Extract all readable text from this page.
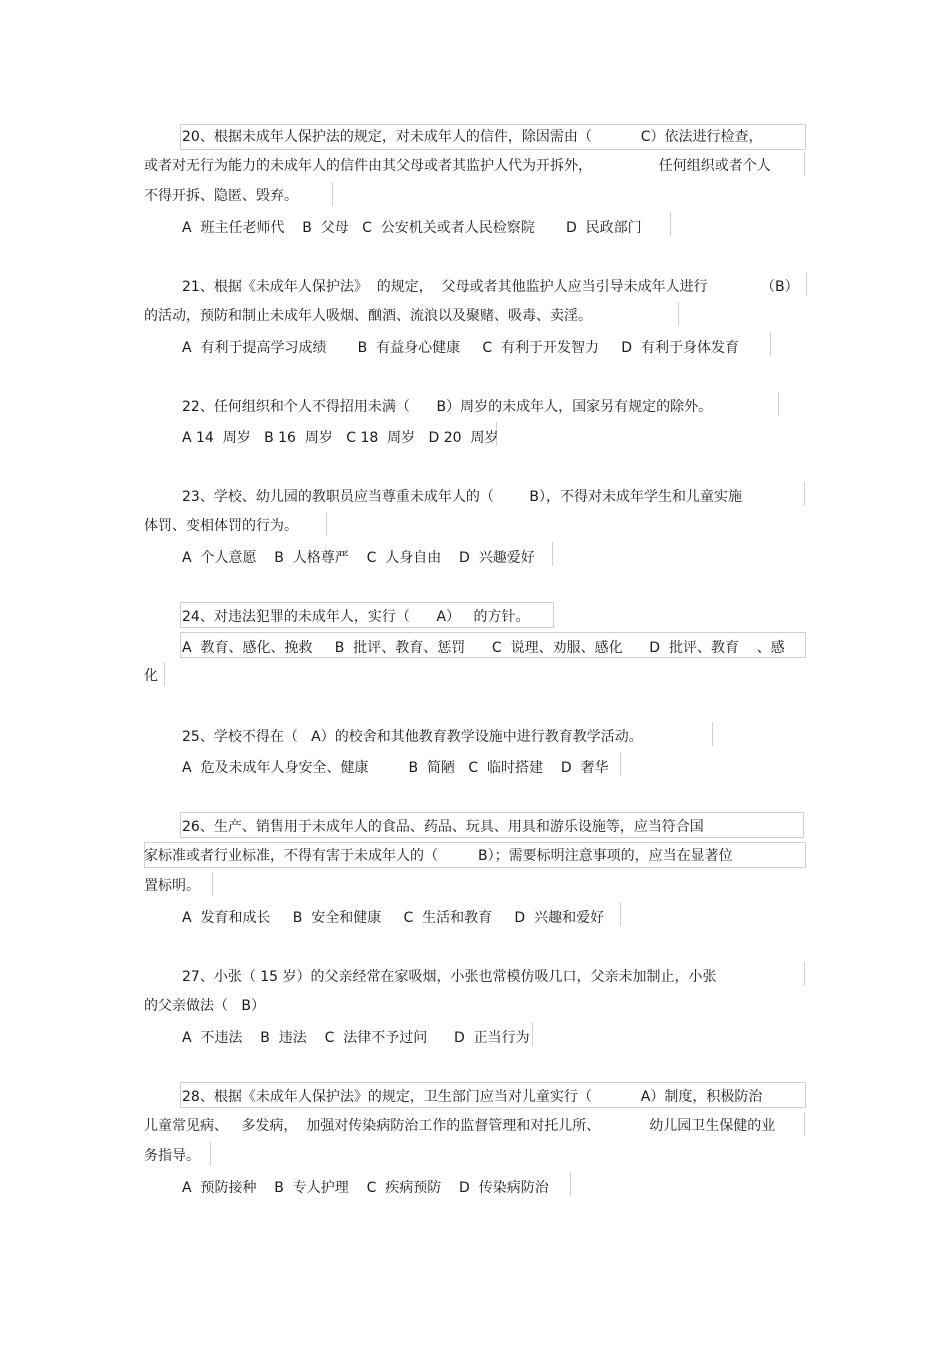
20、根据未成年人保护法的规定，对未成年人的信件，除因需由（           C）依法进行检查，
或者对无行为能力的未成年人的信件由其父母或者其监护人代为开拆外，               任何组织或者个人
不得开拆、隐匿、毁弃。
A  班主任老师代    B  父母   C  公安机关或者人民检察院       D  民政部门
21、根据《未成年人保护法》  的规定，  父母或者其他监护人应当引导未成年人进行            （B）
的活动，预防和制止未成年人吸烟、酗酒、流浪以及聚赌、吸毒、卖淫。
A  有利于提高学习成绩       B  有益身心健康     C  有利于开发智力     D  有利于身体发育
22、任何组织和个人不得招用未满（      B）周岁的未成年人，国家另有规定的除外。
A 14  周岁   B 16  周岁   C 18  周岁   D 20  周岁
23、学校、幼儿园的教职员应当尊重未成年人的（        B），不得对未成年学生和儿童实施
体罚、变相体罚的行为。
A  个人意愿    B  人格尊严    C  人身自由    D  兴趣爱好
24、对违法犯罪的未成年人，实行（      A）   的方针。
A  教育、感化、挽救     B  批评、教育、惩罚      C  说理、劝服、感化      D  批评、教育    、感
化
25、学校不得在（   A）的校舍和其他教育教学设施中进行教育教学活动。
A  危及未成年人身安全、健康         B  简陋   C  临时搭建    D  奢华
26、生产、销售用于未成年人的食品、药品、玩具、用具和游乐设施等，应当符合国
家标准或者行业标准，不得有害于未成年人的（         B）；需要标明注意事项的，应当在显著位
置标明。
A  发育和成长     B  安全和健康     C  生活和教育     D  兴趣和爱好
27、小张（ 15 岁）的父亲经常在家吸烟，小张也常模仿吸几口，父亲未加制止，小张
的父亲做法（   B）
A  不违法    B  违法    C  法律不予过问      D  正当行为
28、根据《未成年人保护法》的规定，卫生部门应当对儿童实行（           A）制度，积极防治
儿童常见病、   多发病，  加强对传染病防治工作的监督管理和对托儿所、           幼儿园卫生保健的业
务指导。
A  预防接种    B  专人护理    C  疾病预防    D  传染病防治
